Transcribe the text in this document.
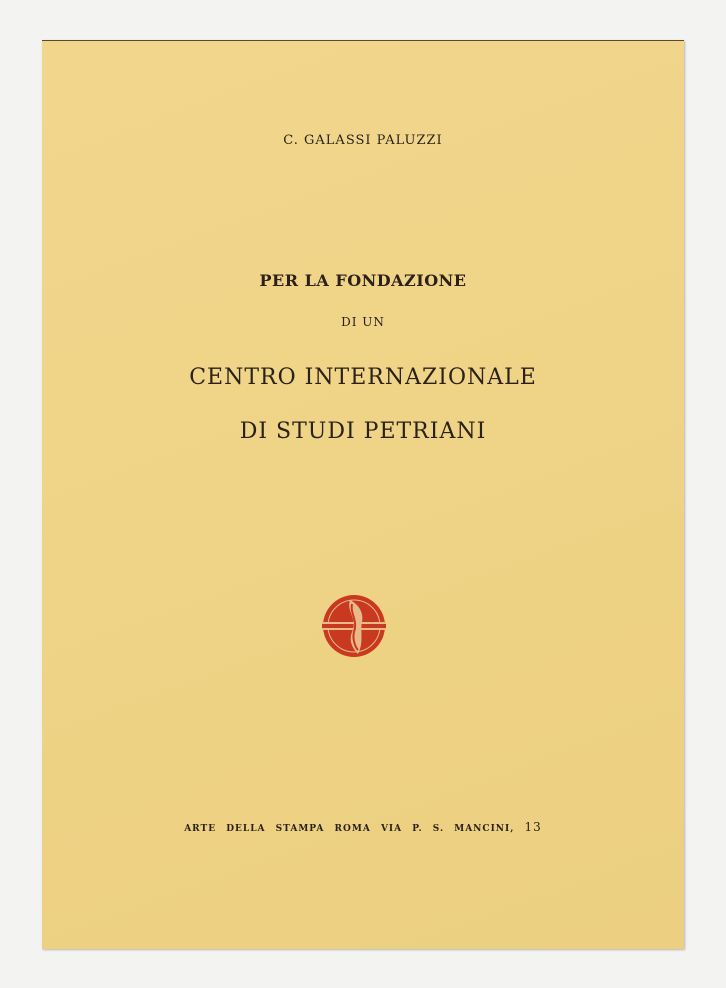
C. GALASSI PALUZZI
PER LA FONDAZIONE
DI UN
CENTRO INTERNAZIONALE
DI STUDI PETRIANI
ARTE DELLA STAMPA ROMA VIA P. S. MANCINI, 13
